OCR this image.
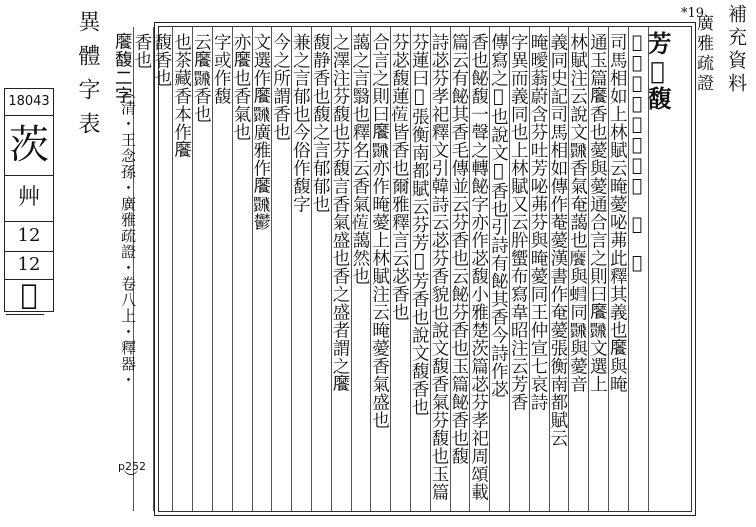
補充資料
廣雅疏證
*19
芳𦵔馥
𦵔馥𩞁𩙽𦵔𦵕香也　𧍺　離
司馬相如上林賦云晻薆咇茀此釋其義也𩞁與晻
通玉篇𩞁香也薆與薆通合言之則曰𩞁𩙽文選上
林賦注云說文𩙽香氣奄藹也𩞁與𧍺同𩙽與薆音
義同史記司馬相如傳作菴薆漢書作奄薆張衡南都賦云
晻曖蓊蔚含芬吐芳咇茀芬與晻薆同王仲宣七哀詩
字異而義同也上林賦又云肸蠁布寫韋昭注云芳香
傳寫之𦵔也說文𩛏香也引詩有飶其香今詩作苾
香也飶馥一聲之轉飶字亦作苾馥小雅楚茨篇苾芬孝祀周頌載
篇云有飶其香毛傳並云芬香也云飶芬香也玉篇飶香也馥
詩苾芬孝祀釋文引韓詩云苾芬香貌也說文馥香氣芬馥也玉篇
芬蓮曰𦵔張衡南都賦云芬芳𦵔芳香也說文馥香也
芬苾馥蓮𦵕皆香也爾雅釋言云苾香也
合言之則曰𩞁𩙽亦作晻薆上林賦注云晻薆香氣盛也
藹之言翳也釋名云香氣𦵕藹然也
之澤注芬馥也芬馥言香氣盛也香之盛者謂之𩞁
馥静香也馥之言郁郁也
兼之言郁也今俗作馥字
今之所謂香也
文選作𩞁𩙽廣雅作𩞁𩙽鬱
亦𩞁也香氣也
字或作馥
云𩞁𩙽香也
也茶藏香本作𩞁
馥香也
香也
𩞁馥二字
（清・王念孫・廣雅疏證・卷八上・釋器・
p252
）
異體字表
18043
茨
艸
12
12
𦵔
